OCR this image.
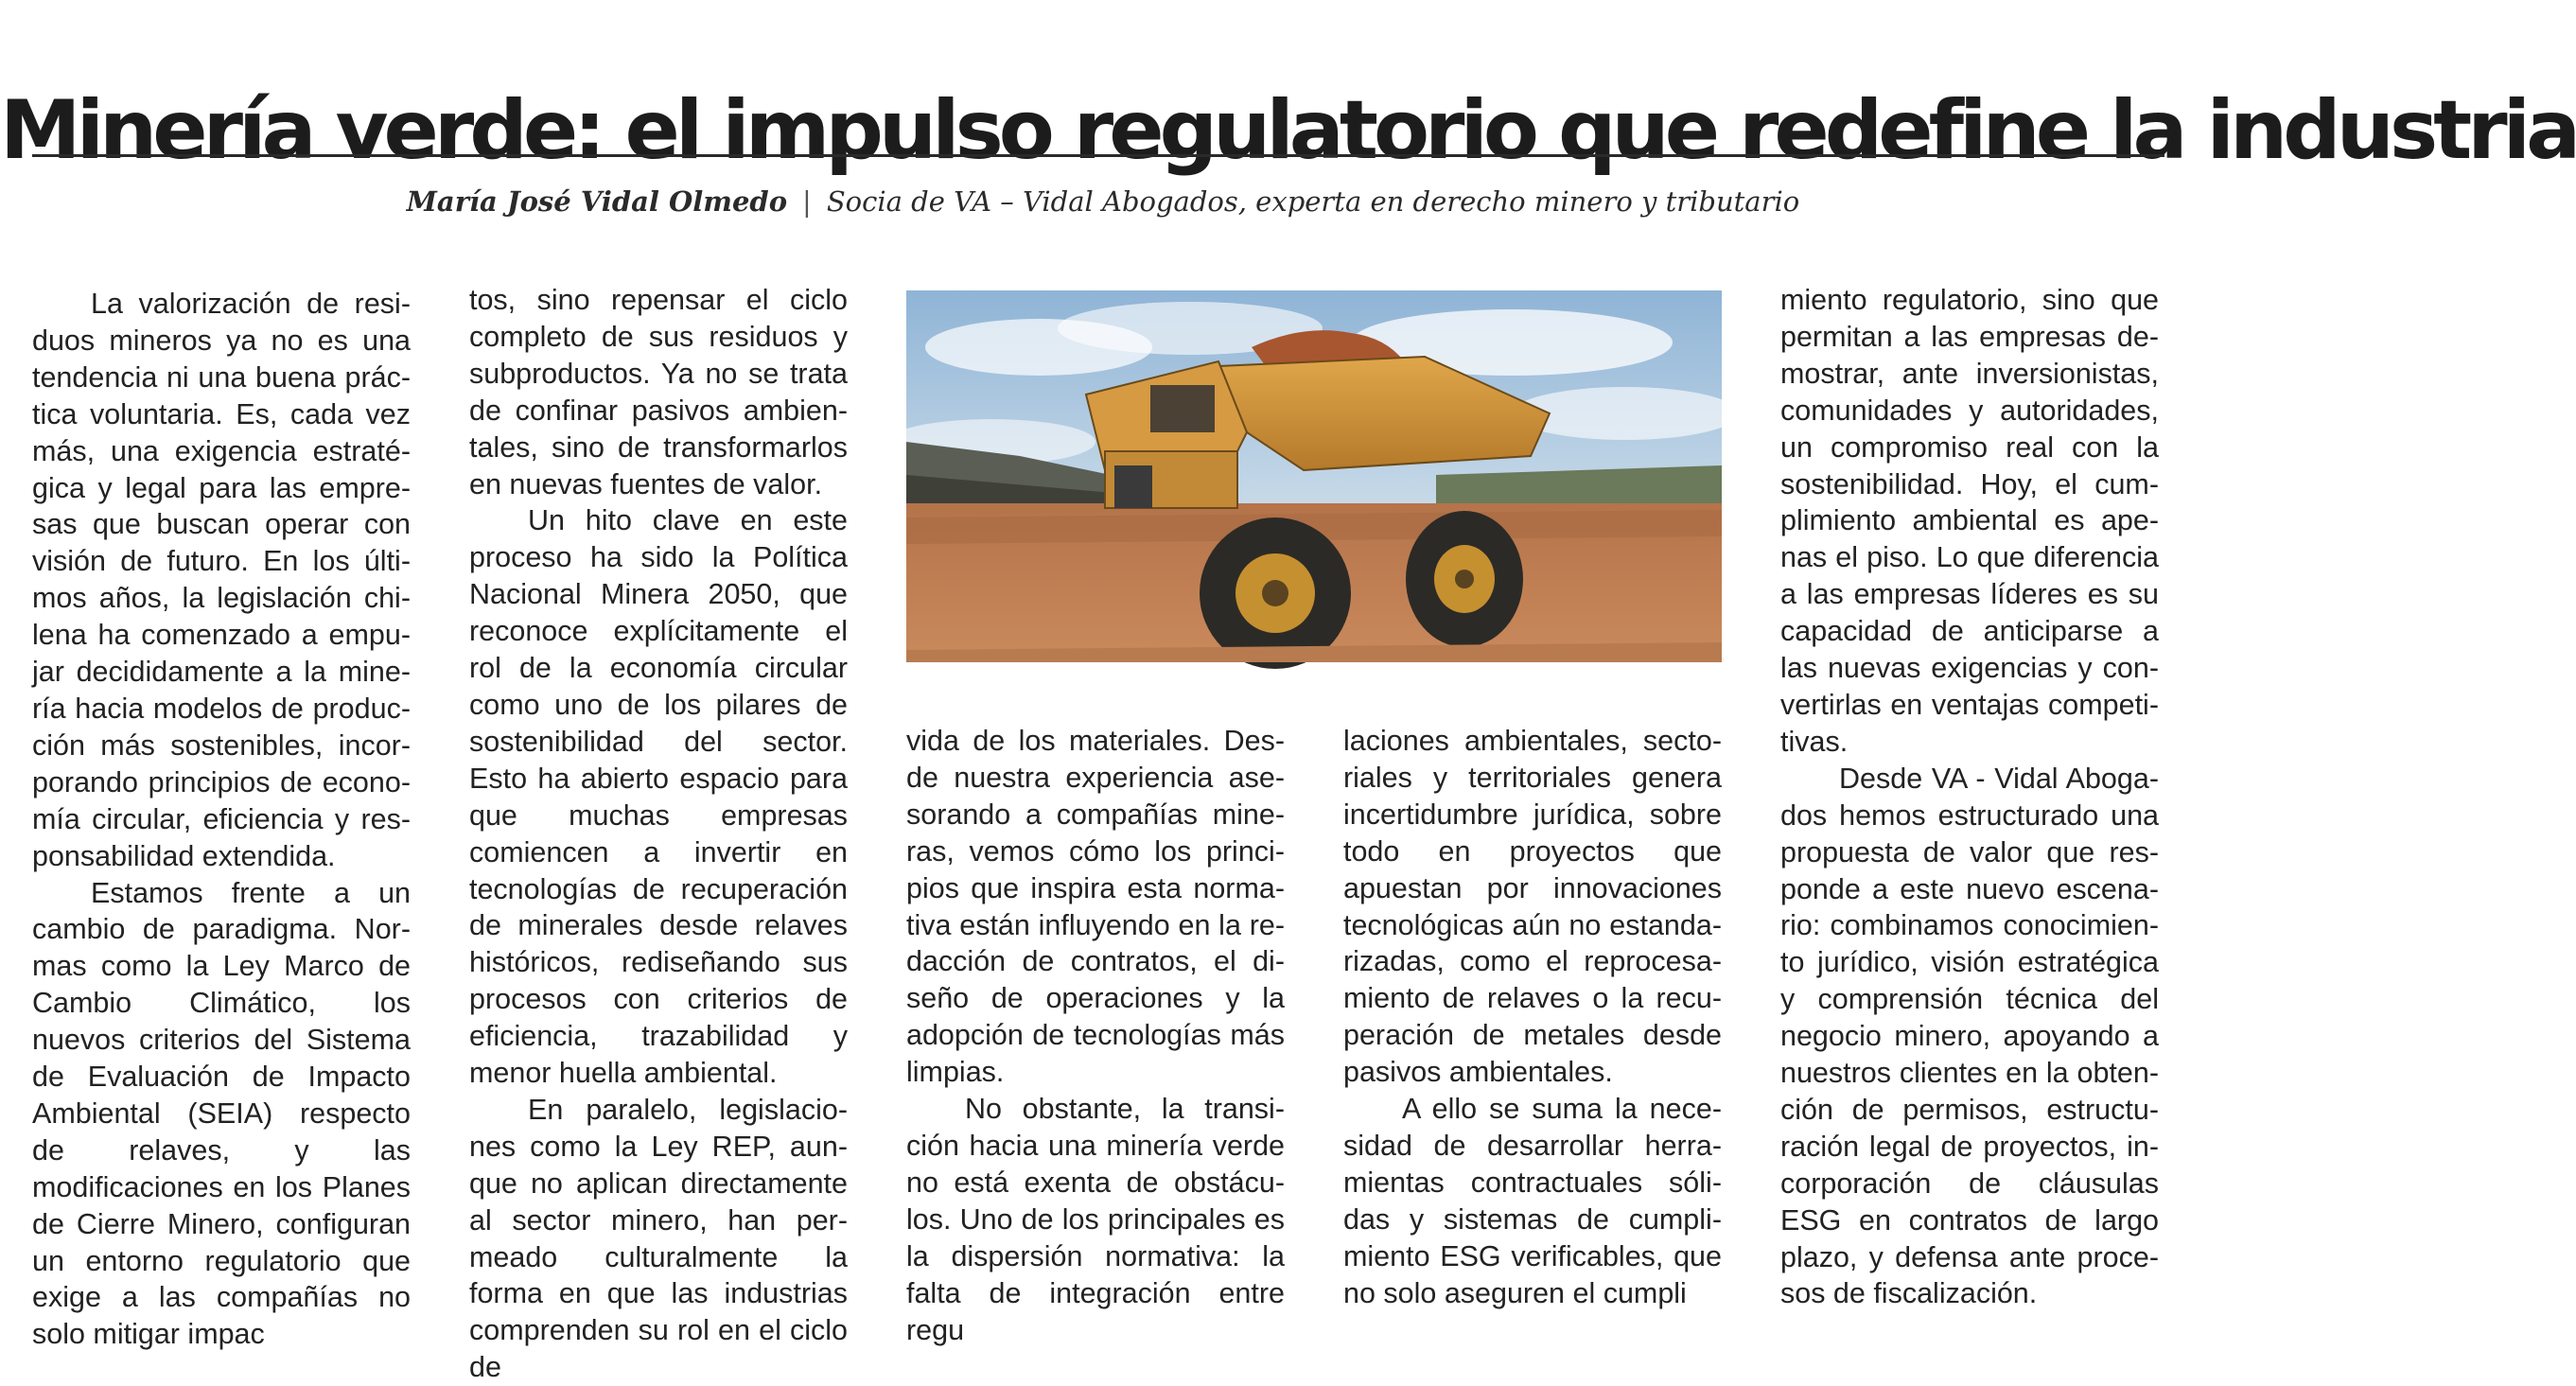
Minería verde: el impulso regulatorio que redefine la industria
María José Vidal Olmedo | Socia de VA – Vidal Abogados, experta en derecho minero y tributario

La valorización de residuos mineros ya no es una tendencia ni una buena práctica voluntaria. Es, cada vez más, una exigencia estratégica y legal para las empresas que buscan operar con visión de futuro. En los últimos años, la legislación chilena ha comenzado a empujar decididamente a la minería hacia modelos de producción más sostenibles, incorporando principios de economía circular, eficiencia y responsabilidad extendida.

Estamos frente a un cambio de paradigma. Normas como la Ley Marco de Cambio Climático, los nuevos criterios del Sistema de Evaluación de Impacto Ambiental (SEIA) respecto de relaves, y las modificaciones en los Planes de Cierre Minero, configuran un entorno regulatorio que exige a las compañías no solo mitigar impac

tos, sino repensar el ciclo completo de sus residuos y subproductos. Ya no se trata de confinar pasivos ambientales, sino de transformarlos en nuevas fuentes de valor.

Un hito clave en este proceso ha sido la Política Nacional Minera 2050, que reconoce explícitamente el rol de la economía circular como uno de los pilares de sostenibilidad del sector. Esto ha abierto espacio para que muchas empresas comiencen a invertir en tecnologías de recuperación de minerales desde relaves históricos, rediseñando sus procesos con criterios de eficiencia, trazabilidad y menor huella ambiental.

En paralelo, legislaciones como la Ley REP, aunque no aplican directamente al sector minero, han permeado culturalmente la forma en que las industrias comprenden su rol en el ciclo de

vida de los materiales. Desde nuestra experiencia asesorando a compañías mineras, vemos cómo los principios que inspira esta normativa están influyendo en la redacción de contratos, el diseño de operaciones y la adopción de tecnologías más limpias.

No obstante, la transición hacia una minería verde no está exenta de obstáculos. Uno de los principales es la dispersión normativa: la falta de integración entre regu

laciones ambientales, sectoriales y territoriales genera incertidumbre jurídica, sobre todo en proyectos que apuestan por innovaciones tecnológicas aún no estandarizadas, como el reprocesamiento de relaves o la recuperación de metales desde pasivos ambientales.

A ello se suma la necesidad de desarrollar herramientas contractuales sólidas y sistemas de cumplimiento ESG verificables, que no solo aseguren el cumpli

miento regulatorio, sino que permitan a las empresas demostrar, ante inversionistas, comunidades y autoridades, un compromiso real con la sostenibilidad. Hoy, el cumplimiento ambiental es apenas el piso. Lo que diferencia a las empresas líderes es su capacidad de anticiparse a las nuevas exigencias y convertirlas en ventajas competitivas.

Desde VA - Vidal Abogados hemos estructurado una propuesta de valor que responde a este nuevo escenario: combinamos conocimiento jurídico, visión estratégica y comprensión técnica del negocio minero, apoyando a nuestros clientes en la obtención de permisos, estructuración legal de proyectos, incorporación de cláusulas ESG en contratos de largo plazo, y defensa ante procesos de fiscalización.
